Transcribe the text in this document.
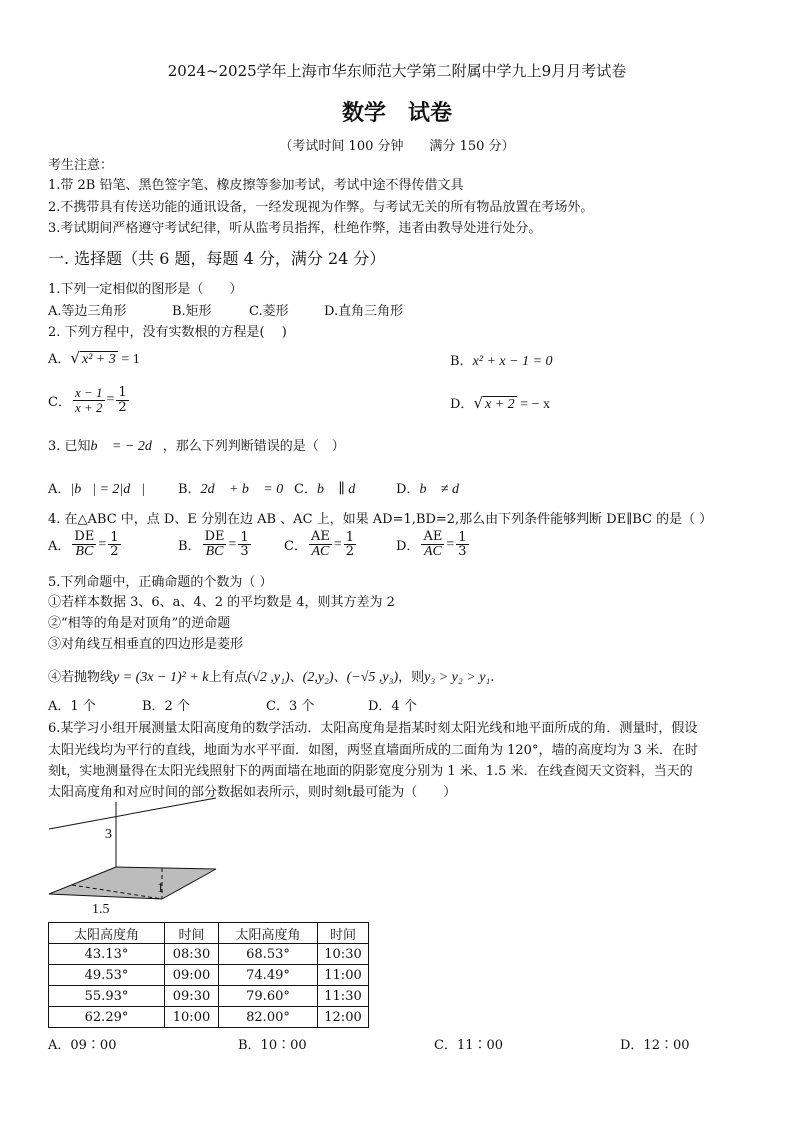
2024~2025学年上海市华东师范大学第二附属中学九上9月月考试卷
数学　试卷
（考试时间 100 分钟　　满分 150 分）
考生注意：
1.带 2B 铅笔、黑色签字笔、橡皮擦等参加考试，考试中途不得传借文具
2.不携带具有传送功能的通讯设备，一经发现视为作弊。与考试无关的所有物品放置在考场外。
3.考试期间严格遵守考试纪律，听从监考员指挥，杜绝作弊，违者由教导处进行处分。
一. 选择题（共 6 题，每题 4 分，满分 24 分）
1.下列一定相似的图形是（　　）
A.等边三角形	B.矩形	C.菱形	D.直角三角形
2. 下列方程中，没有实数根的方程是(　 )
A．√ x² + 3 = 1	B．x² + x − 1 = 0
C． $\frac{x - 1}{x + 2} = \frac{1}{2}$	D．√ x + 2 = − x
3. 已知b⃗ = − 2d⃗，那么下列判断错误的是（　）
A．|b⃗| = 2|d⃗|	B．2d⃗ + b⃗ = 0 C．b⃗ ∥ d⃗ D．b⃗ ≠ d⃗
4. 在△ABC 中，点 D、E 分别在边 AB 、AC 上，如果 AD=1,BD=2,那么由下列条件能够判断 DE∥BC 的是（ ）
A． $\frac{DE}{BC} = \frac{1}{2}$	B． $\frac{DE}{BC} = \frac{1}{3}$	C． $\frac{AE}{AC} = \frac{1}{2}$	D． $\frac{AE}{AC} = \frac{1}{3}$
5.下列命题中，正确命题的个数为（ ）
①若样本数据 3、6、a、4、2 的平均数是 4，则其方差为 2
②“相等的角是对顶角”的逆命题
③对角线互相垂直的四边形是菱形
④若抛物线y = (3x − 1)² + k上有点(√2 ,y₁)、(2,y₂)、(−√5 ,y₃)，则y₃ > y₂ > y₁.
A．1 个	B．2 个	C．3 个	D．4 个
6.某学习小组开展测量太阳高度角的数学活动．太阳高度角是指某时刻太阳光线和地平面所成的角．测量时，假设
太阳光线均为平行的直线，地面为水平平面．如图，两竖直墙面所成的二面角为 120°，墙的高度均为 3 米．在时
刻t，实地测量得在太阳光线照射下的两面墙在地面的阴影宽度分别为 1 米、1.5 米．在线查阅天文资料，当天的
太阳高度角和对应时间的部分数据如表所示，则时刻t最可能为（　　）
3
1
1.5
太阳高度角	时间	太阳高度角	时间
43.13°	08:30	68.53°	10:30
49.53°	09:00	74.49°	11:00
55.93°	09:30	79.60°	11:30
62.29°	10:00	82.00°	12:00
A．09∶00	B．10∶00	C．11∶00	D．12∶00
